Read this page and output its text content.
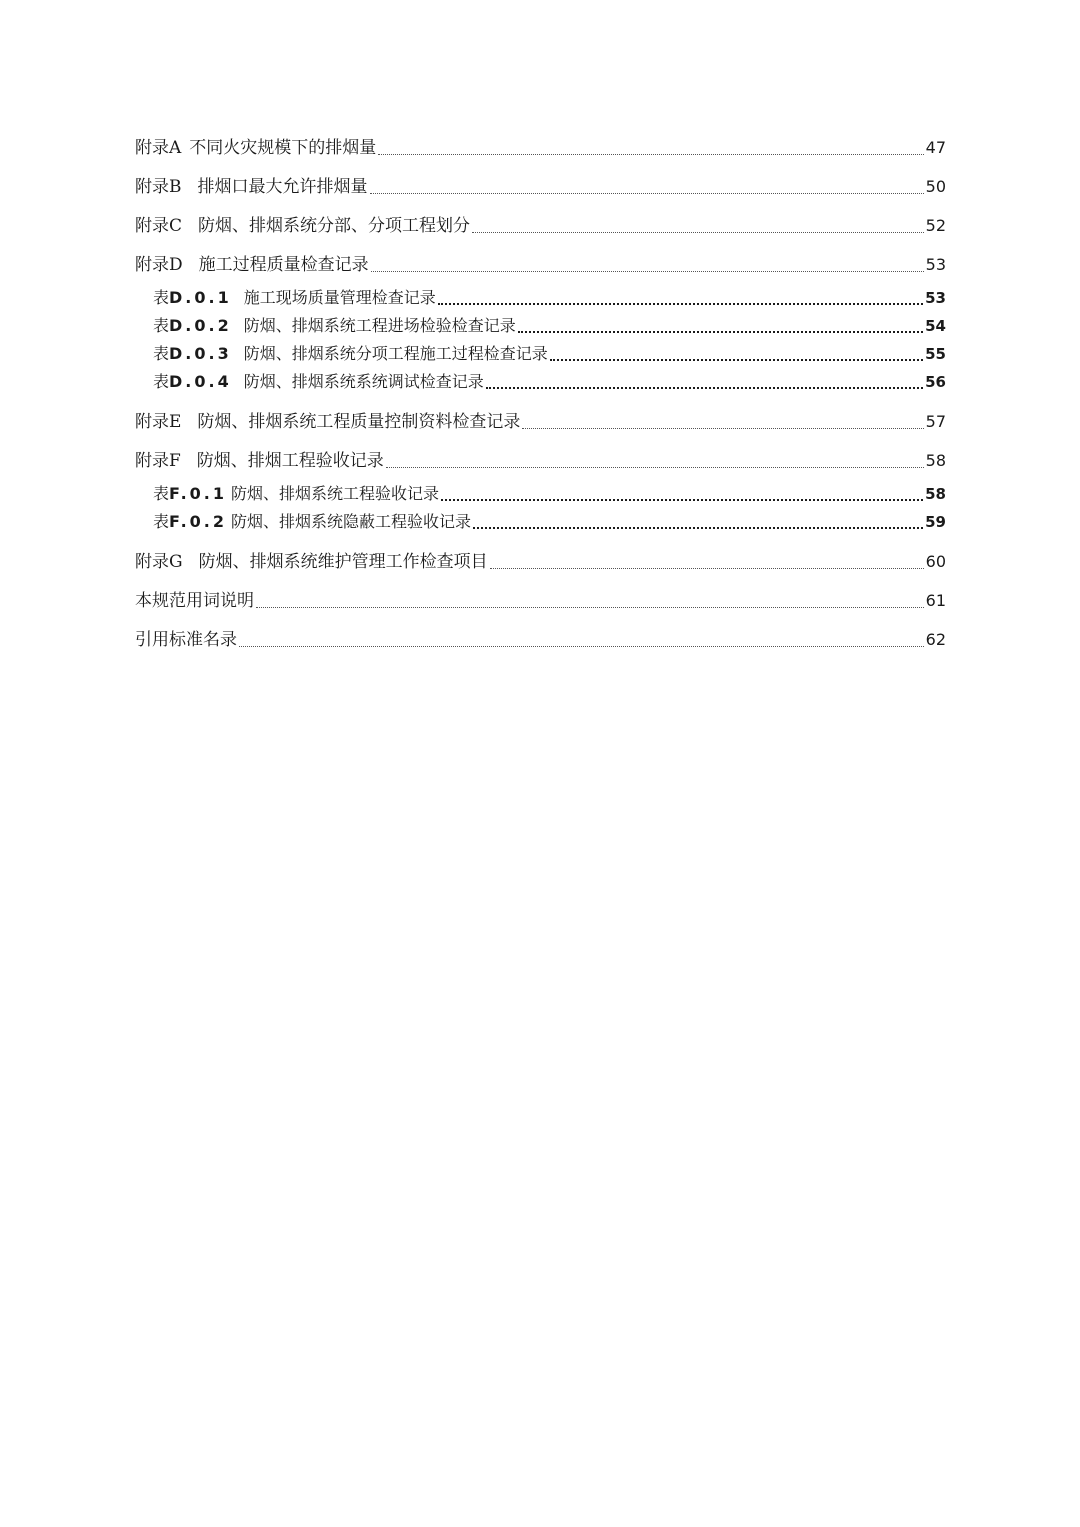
附录A 不同火灾规模下的排烟量	47
附录B 排烟口最大允许排烟量	50
附录C 防烟、排烟系统分部、分项工程划分	52
附录D 施工过程质量检查记录	53
表D.0.1 施工现场质量管理检查记录	53
表D.0.2 防烟、排烟系统工程进场检验检查记录	54
表D.0.3 防烟、排烟系统分项工程施工过程检查记录	55
表D.0.4 防烟、排烟系统系统调试检查记录	56
附录E 防烟、排烟系统工程质量控制资料检查记录	57
附录F 防烟、排烟工程验收记录	58
表F.0.1 防烟、排烟系统工程验收记录	58
表F.0.2 防烟、排烟系统隐蔽工程验收记录	59
附录G 防烟、排烟系统维护管理工作检查项目	60
本规范用词说明	61
引用标准名录	62
